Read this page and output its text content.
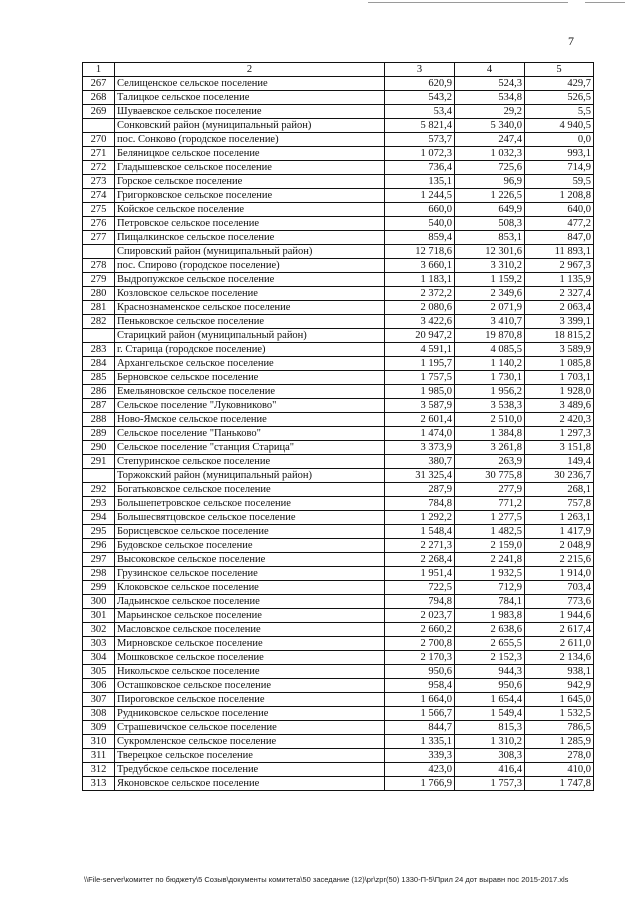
7
1	2	3	4	5
267	Селищенское сельское поселение	620,9	524,3	429,7
268	Талицкое сельское поселение	543,2	534,8	526,5
269	Шуваевское сельское поселение	53,4	29,2	5,5
	Сонковский район (муниципальный район)	5 821,4	5 340,0	4 940,5
270	пос. Сонково (городское поселение)	573,7	247,4	0,0
271	Беляницкое сельское поселение	1 072,3	1 032,3	993,1
272	Гладышевское сельское поселение	736,4	725,6	714,9
273	Горское сельское поселение	135,1	96,9	59,5
274	Григорковское сельское поселение	1 244,5	1 226,5	1 208,8
275	Койское сельское поселение	660,0	649,9	640,0
276	Петровское сельское поселение	540,0	508,3	477,2
277	Пищалкинское сельское поселение	859,4	853,1	847,0
	Спировский район (муниципальный район)	12 718,6	12 301,6	11 893,1
278	пос. Спирово (городское поселение)	3 660,1	3 310,2	2 967,3
279	Выдропужское сельское поселение	1 183,1	1 159,2	1 135,9
280	Козловское сельское поселение	2 372,2	2 349,6	2 327,4
281	Краснознаменское сельское поселение	2 080,6	2 071,9	2 063,4
282	Пеньковское сельское поселение	3 422,6	3 410,7	3 399,1
	Старицкий район (муниципальный район)	20 947,2	19 870,8	18 815,2
283	г. Старица (городское поселение)	4 591,1	4 085,5	3 589,9
284	Архангельское сельское поселение	1 195,7	1 140,2	1 085,8
285	Берновское сельское поселение	1 757,5	1 730,1	1 703,1
286	Емельяновское сельское поселение	1 985,0	1 956,2	1 928,0
287	Сельское поселение "Луковниково"	3 587,9	3 538,3	3 489,6
288	Ново-Ямское сельское поселение	2 601,4	2 510,0	2 420,3
289	Сельское поселение "Паньково"	1 474,0	1 384,8	1 297,3
290	Сельское поселение "станция Старица"	3 373,9	3 261,8	3 151,8
291	Степуринское сельское поселение	380,7	263,9	149,4
	Торжокский район (муниципальный район)	31 325,4	30 775,8	30 236,7
292	Богатьковское сельское поселение	287,9	277,9	268,1
293	Большепетровское сельское поселение	784,8	771,2	757,8
294	Большесвятцовское сельское поселение	1 292,2	1 277,5	1 263,1
295	Борисцевское сельское поселение	1 548,4	1 482,5	1 417,9
296	Будовское сельское поселение	2 271,3	2 159,0	2 048,9
297	Высоковское сельское поселение	2 268,4	2 241,8	2 215,6
298	Грузинское сельское поселение	1 951,4	1 932,5	1 914,0
299	Клоковское сельское поселение	722,5	712,9	703,4
300	Ладьинское сельское поселение	794,8	784,1	773,6
301	Марьинское сельское поселение	2 023,7	1 983,8	1 944,6
302	Масловское сельское поселение	2 660,2	2 638,6	2 617,4
303	Мирновское сельское поселение	2 700,8	2 655,5	2 611,0
304	Мошковское сельское поселение	2 170,3	2 152,3	2 134,6
305	Никольское сельское поселение	950,6	944,3	938,1
306	Осташковское сельское поселение	958,4	950,6	942,9
307	Пироговское сельское поселение	1 664,0	1 654,4	1 645,0
308	Рудниковское сельское поселение	1 566,7	1 549,4	1 532,5
309	Страшевичское сельское поселение	844,7	815,3	786,5
310	Сукромленское сельское поселение	1 335,1	1 310,2	1 285,9
311	Тверецкое сельское поселение	339,3	308,3	278,0
312	Тредубское сельское поселение	423,0	416,4	410,0
313	Яконовское сельское поселение	1 766,9	1 757,3	1 747,8
\\File-server\комитет по бюджету\5 Созыв\документы комитета\50 заседание (12)\pr\zpr(50) 1330-П-5\Прил 24 дот выравн пос 2015-2017.xls
